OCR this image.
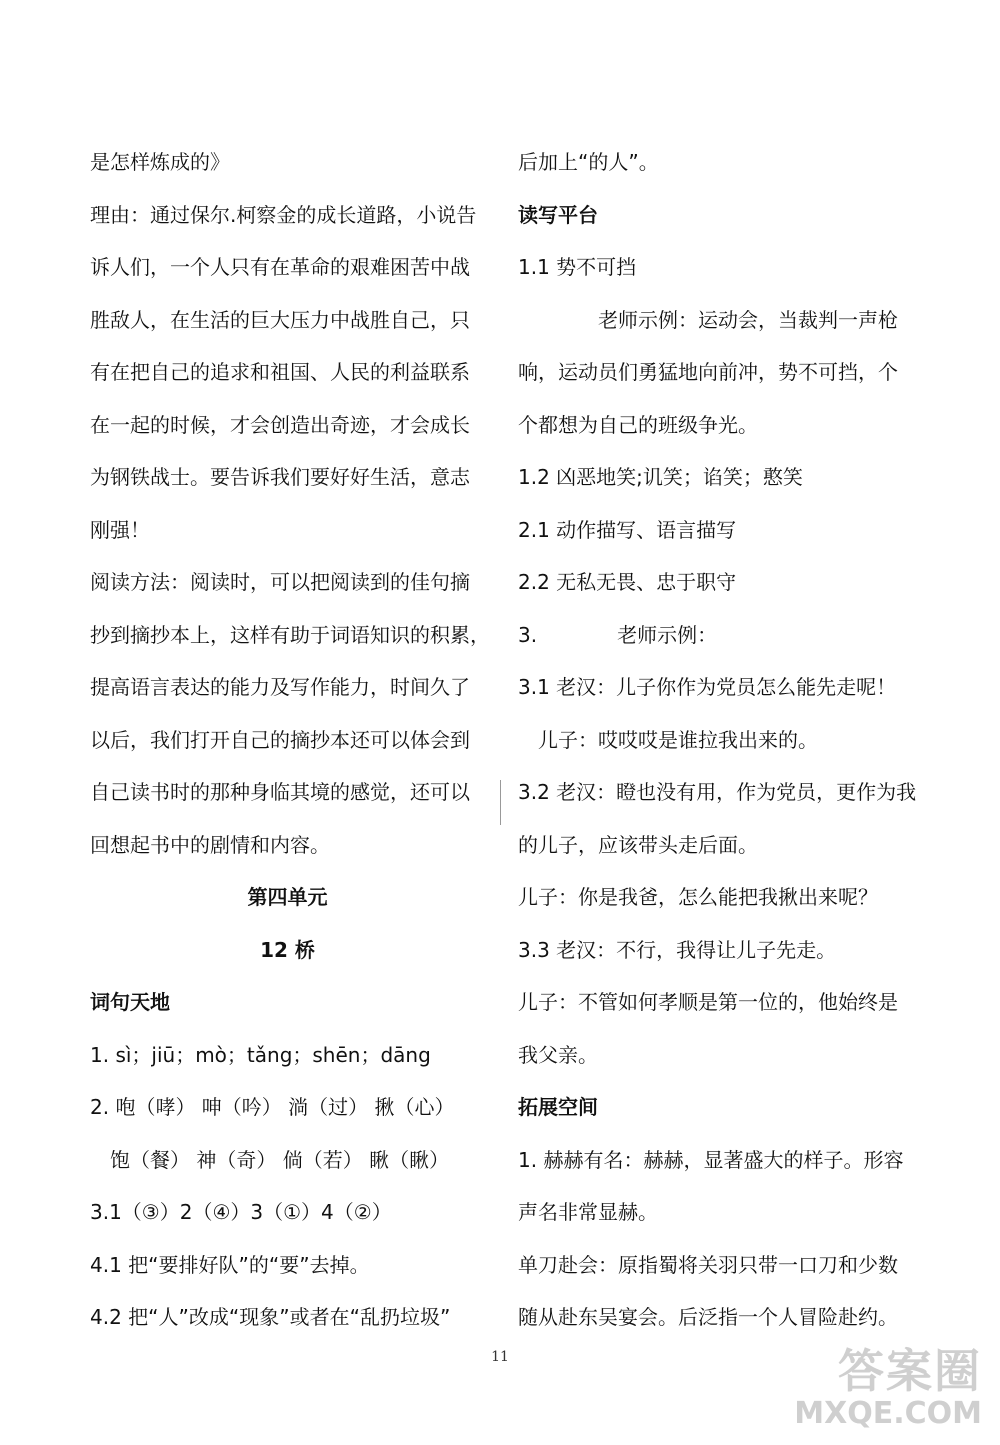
是怎样炼成的》
理由：通过保尔.柯察金的成长道路，小说告
诉人们，一个人只有在革命的艰难困苦中战
胜敌人，在生活的巨大压力中战胜自己，只
有在把自己的追求和祖国、人民的利益联系
在一起的时候，才会创造出奇迹，才会成长
为钢铁战士。要告诉我们要好好生活，意志
刚强！
阅读方法：阅读时，可以把阅读到的佳句摘
抄到摘抄本上，这样有助于词语知识的积累，
提高语言表达的能力及写作能力，时间久了
以后，我们打开自己的摘抄本还可以体会到
自己读书时的那种身临其境的感觉，还可以
回想起书中的剧情和内容。
第四单元
12 桥
词句天地
1. sì；jiū；mò；tǎng；shēn；dāng
2. 咆（哮） 呻（吟） 淌（过） 揪（心）
　饱（餐） 神（奇） 倘（若） 瞅（瞅）
3.1（③）2（④）3（①）4（②）
4.1 把“要排好队”的“要”去掉。
4.2 把“人”改成“现象”或者在“乱扔垃圾”
后加上“的人”。
读写平台
1.1 势不可挡
　　　　老师示例：运动会，当裁判一声枪
响，运动员们勇猛地向前冲，势不可挡，个
个都想为自己的班级争光。
1.2 凶恶地笑;讥笑；谄笑；憨笑
2.1 动作描写、语言描写
2.2 无私无畏、忠于职守
3.　　　　老师示例：
3.1 老汉：儿子你作为党员怎么能先走呢！
　儿子：哎哎哎是谁拉我出来的。
3.2 老汉：瞪也没有用，作为党员，更作为我
的儿子，应该带头走后面。
儿子：你是我爸，怎么能把我揪出来呢？
3.3 老汉：不行，我得让儿子先走。
儿子：不管如何孝顺是第一位的，他始终是
我父亲。
拓展空间
1. 赫赫有名：赫赫，显著盛大的样子。形容
声名非常显赫。
单刀赴会：原指蜀将关羽只带一口刀和少数
随从赴东吴宴会。后泛指一个人冒险赴约。
11	答案圈
MXQE.COM
